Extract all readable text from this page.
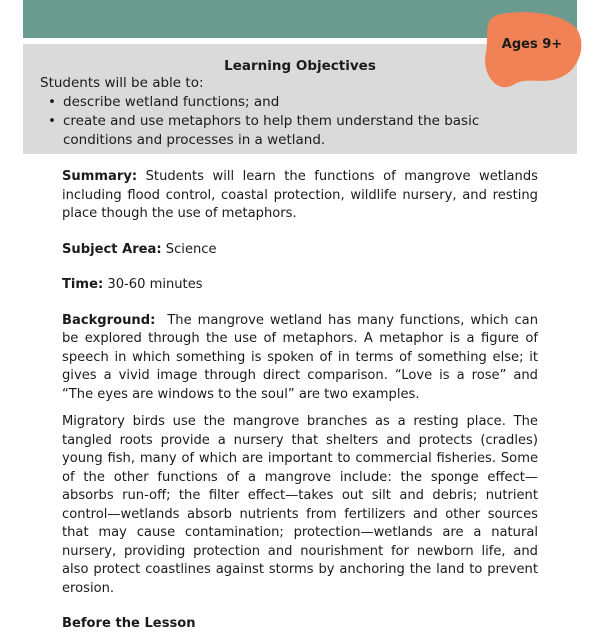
Learning Objectives
Students will be able to:
• describe wetland functions; and
• create and use metaphors to help them understand the basic conditions and processes in a wetland.
Ages 9+

Summary: Students will learn the functions of mangrove wetlands including flood control, coastal protection, wildlife nursery, and resting place though the use of metaphors.

Subject Area: Science

Time: 30-60 minutes

Background: The mangrove wetland has many functions, which can be explored through the use of metaphors. A metaphor is a figure of speech in which something is spoken of in terms of something else; it gives a vivid image through direct comparison. “Love is a rose” and “The eyes are windows to the soul” are two examples.

Migratory birds use the mangrove branches as a resting place. The tangled roots provide a nursery that shelters and protects (cradles) young fish, many of which are important to commercial fisheries. Some of the other functions of a mangrove include: the sponge effect—absorbs run-off; the filter effect—takes out silt and debris; nutrient control—wetlands absorb nutrients from fertilizers and other sources that may cause contamination; protection—wetlands are a natural nursery, providing protection and nourishment for newborn life, and also protect coastlines against storms by anchoring the land to prevent erosion.

Before the Lesson
